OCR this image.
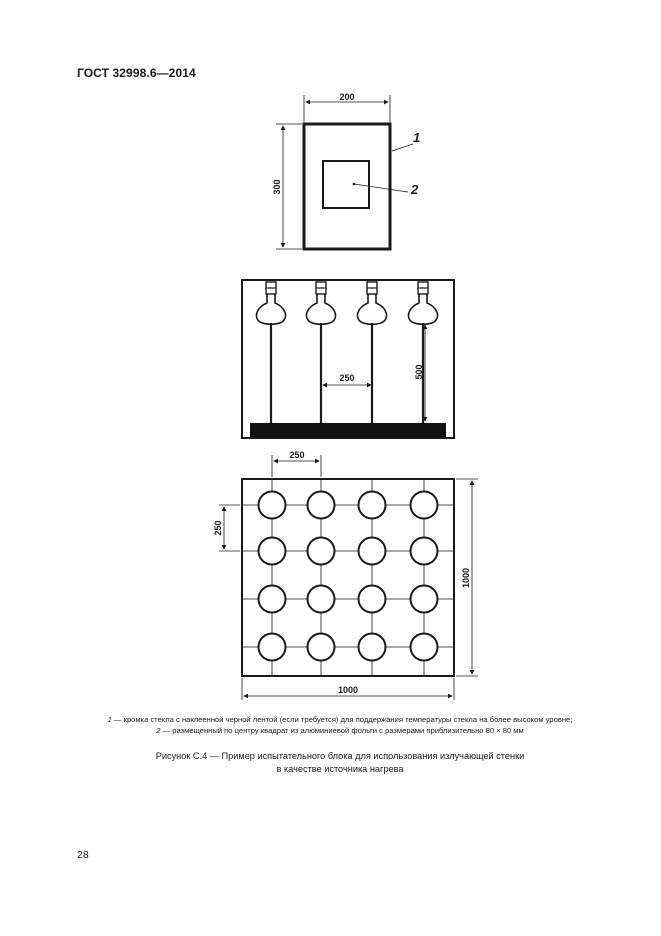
ГОСТ 32998.6—2014
200
300
1
2
250	500
250
250
1000
1000
1 — кромка стекла с наклеенной черной лентой (если требуется) для поддержания температуры стекла на более высоком уровне;
2 — размещенный по центру квадрат из алюминиевой фольги с размерами приблизительно 80 × 80 мм
Рисунок С.4 — Пример испытательного блока для использования излучающей стенки
в качестве источника нагрева
28
